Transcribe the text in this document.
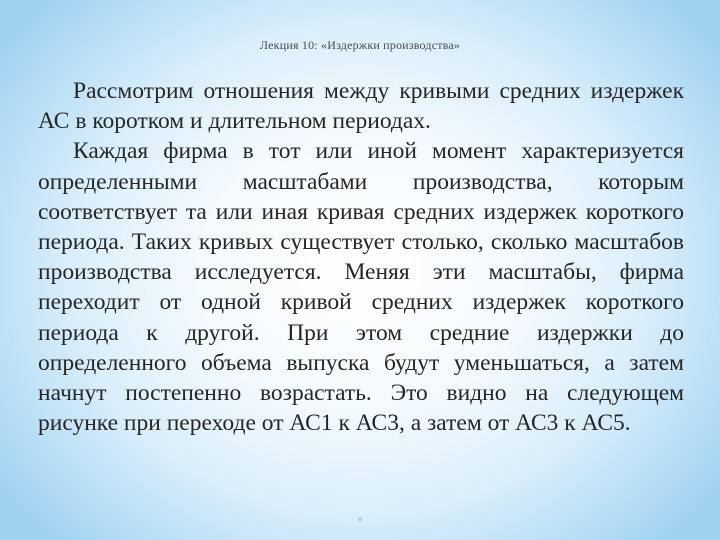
Лекция 10: «Издержки производства»

Рассмотрим отношения между кривыми средних издержек АС в коротком и длительном периодах.

Каждая фирма в тот или иной момент характеризуется определенными масштабами производства, которым соответствует та или иная кривая средних издержек короткого периода. Таких кривых существует столько, сколько масштабов производства исследуется. Меняя эти масштабы, фирма переходит от одной кривой средних издержек короткого периода к другой. При этом средние издержки до определенного объема выпуска будут уменьшаться, а затем начнут постепенно возрастать. Это видно на следующем рисунке при переходе от АС1 к АС3, а затем от АС3 к АС5.

*
